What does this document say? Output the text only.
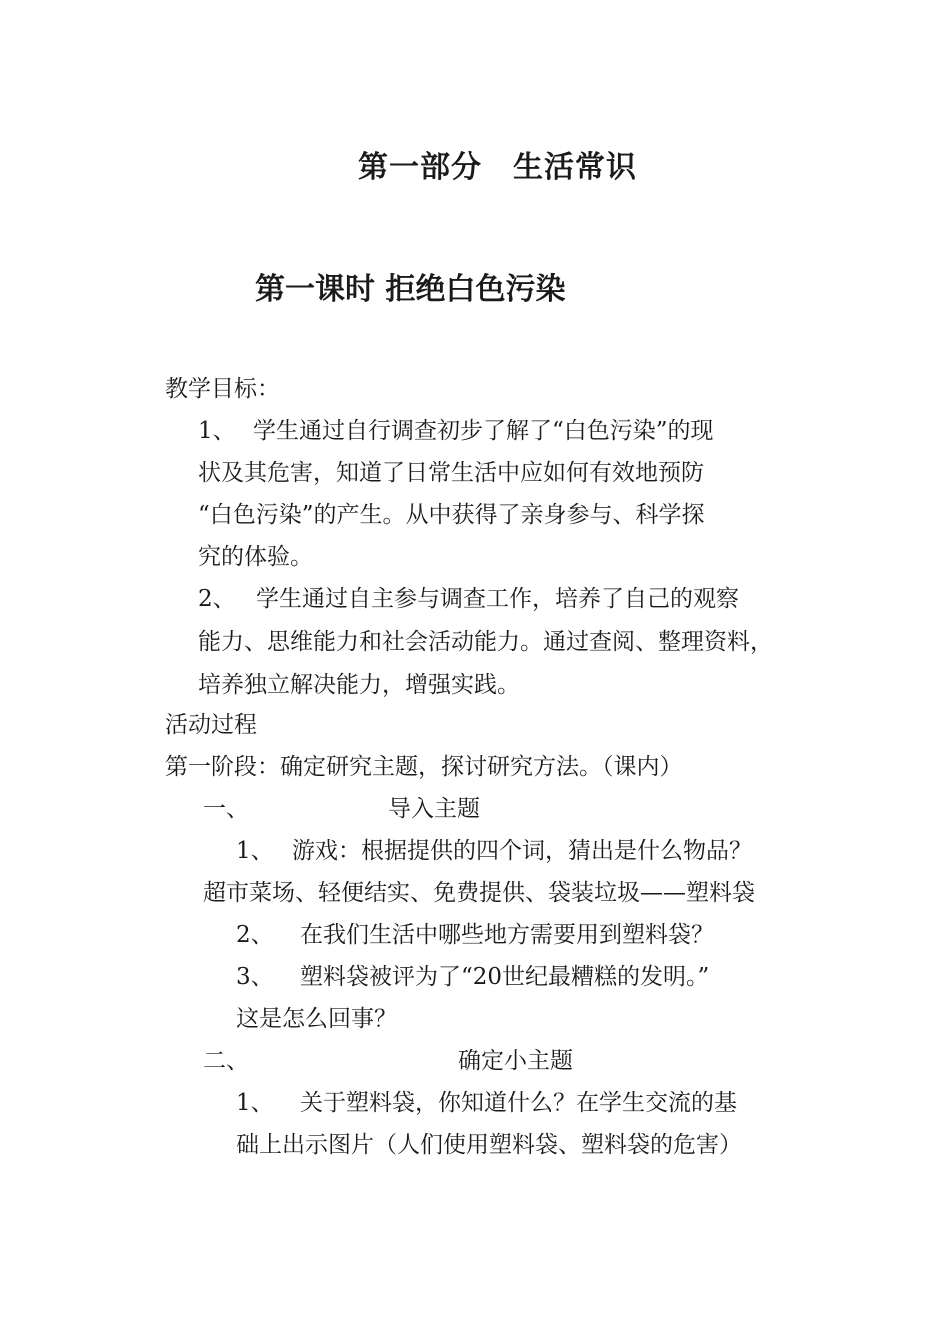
第一部分　生活常识
第一课时 拒绝白色污染
教学目标：
1、 学生通过自行调查初步了解了“白色污染”的现
状及其危害，知道了日常生活中应如何有效地预防
“白色污染”的产生。从中获得了亲身参与、科学探
究的体验。
2、 学生通过自主参与调查工作，培养了自己的观察
能力、思维能力和社会活动能力。通过查阅、整理资料，
培养独立解决能力，增强实践。
活动过程
第一阶段：确定研究主题，探讨研究方法。（课内）
一、	导入主题
1、 游戏：根据提供的四个词，猜出是什么物品？
超市菜场、轻便结实、免费提供、袋装垃圾——塑料袋
2、 在我们生活中哪些地方需要用到塑料袋？
3、 塑料袋被评为了“20世纪最糟糕的发明。”
这是怎么回事？
二、	确定小主题
1、 关于塑料袋，你知道什么？在学生交流的基
础上出示图片（人们使用塑料袋、塑料袋的危害）
